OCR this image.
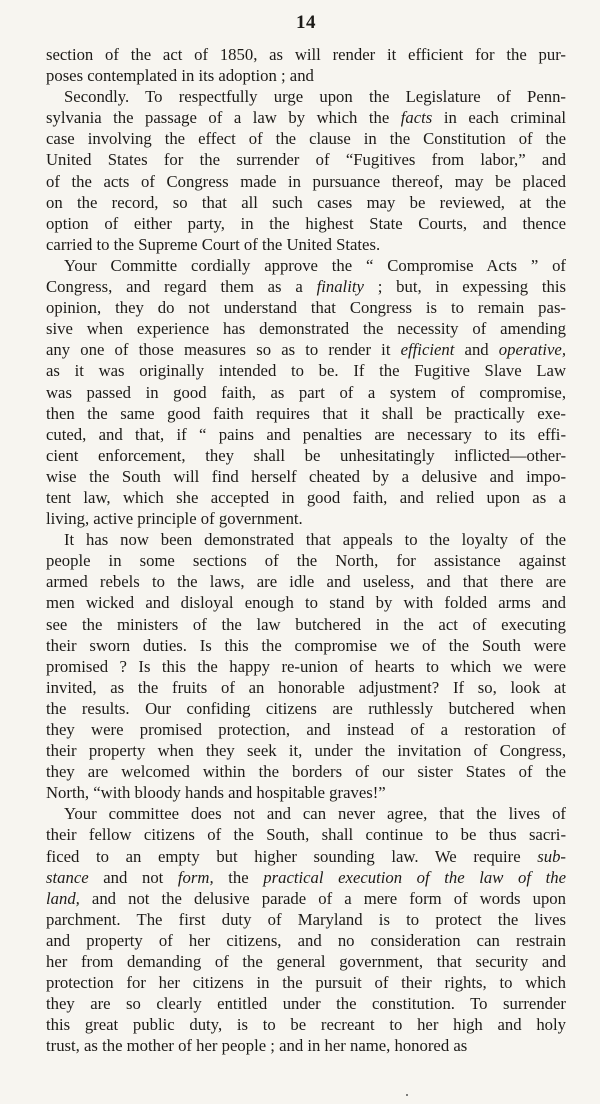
14

section of the act of 1850, as will render it efficient for the pur-
poses contemplated in its adoption ; and

Secondly. To respectfully urge upon the Legislature of Penn-
sylvania the passage of a law by which the facts in each criminal
case involving the effect of the clause in the Constitution of the
United States for the surrender of “Fugitives from labor,” and
of the acts of Congress made in pursuance thereof, may be placed
on the record, so that all such cases may be reviewed, at the
option of either party, in the highest State Courts, and thence
carried to the Supreme Court of the United States.

Your Committe cordially approve the “ Compromise Acts ” of
Congress, and regard them as a finality ; but, in expessing this
opinion, they do not understand that Congress is to remain pas-
sive when experience has demonstrated the necessity of amending
any one of those measures so as to render it efficient and operative,
as it was originally intended to be. If the Fugitive Slave Law
was passed in good faith, as part of a system of compromise,
then the same good faith requires that it shall be practically exe-
cuted, and that, if “ pains and penalties are necessary to its effi-
cient enforcement, they shall be unhesitatingly inflicted—other-
wise the South will find herself cheated by a delusive and impo-
tent law, which she accepted in good faith, and relied upon as a
living, active principle of government.

It has now been demonstrated that appeals to the loyalty of the
people in some sections of the North, for assistance against
armed rebels to the laws, are idle and useless, and that there are
men wicked and disloyal enough to stand by with folded arms and
see the ministers of the law butchered in the act of executing
their sworn duties. Is this the compromise we of the South were
promised ? Is this the happy re-union of hearts to which we were
invited, as the fruits of an honorable adjustment? If so, look at
the results. Our confiding citizens are ruthlessly butchered when
they were promised protection, and instead of a restoration of
their property when they seek it, under the invitation of Congress,
they are welcomed within the borders of our sister States of the
North, “with bloody hands and hospitable graves!”

Your committee does not and can never agree, that the lives of
their fellow citizens of the South, shall continue to be thus sacri-
ficed to an empty but higher sounding law. We require sub-
stance and not form, the practical execution of the law of the
land, and not the delusive parade of a mere form of words upon
parchment. The first duty of Maryland is to protect the lives
and property of her citizens, and no consideration can restrain
her from demanding of the general government, that security and
protection for her citizens in the pursuit of their rights, to which
they are so clearly entitled under the constitution. To surrender
this great public duty, is to be recreant to her high and holy
trust, as the mother of her people ; and in her name, honored as
